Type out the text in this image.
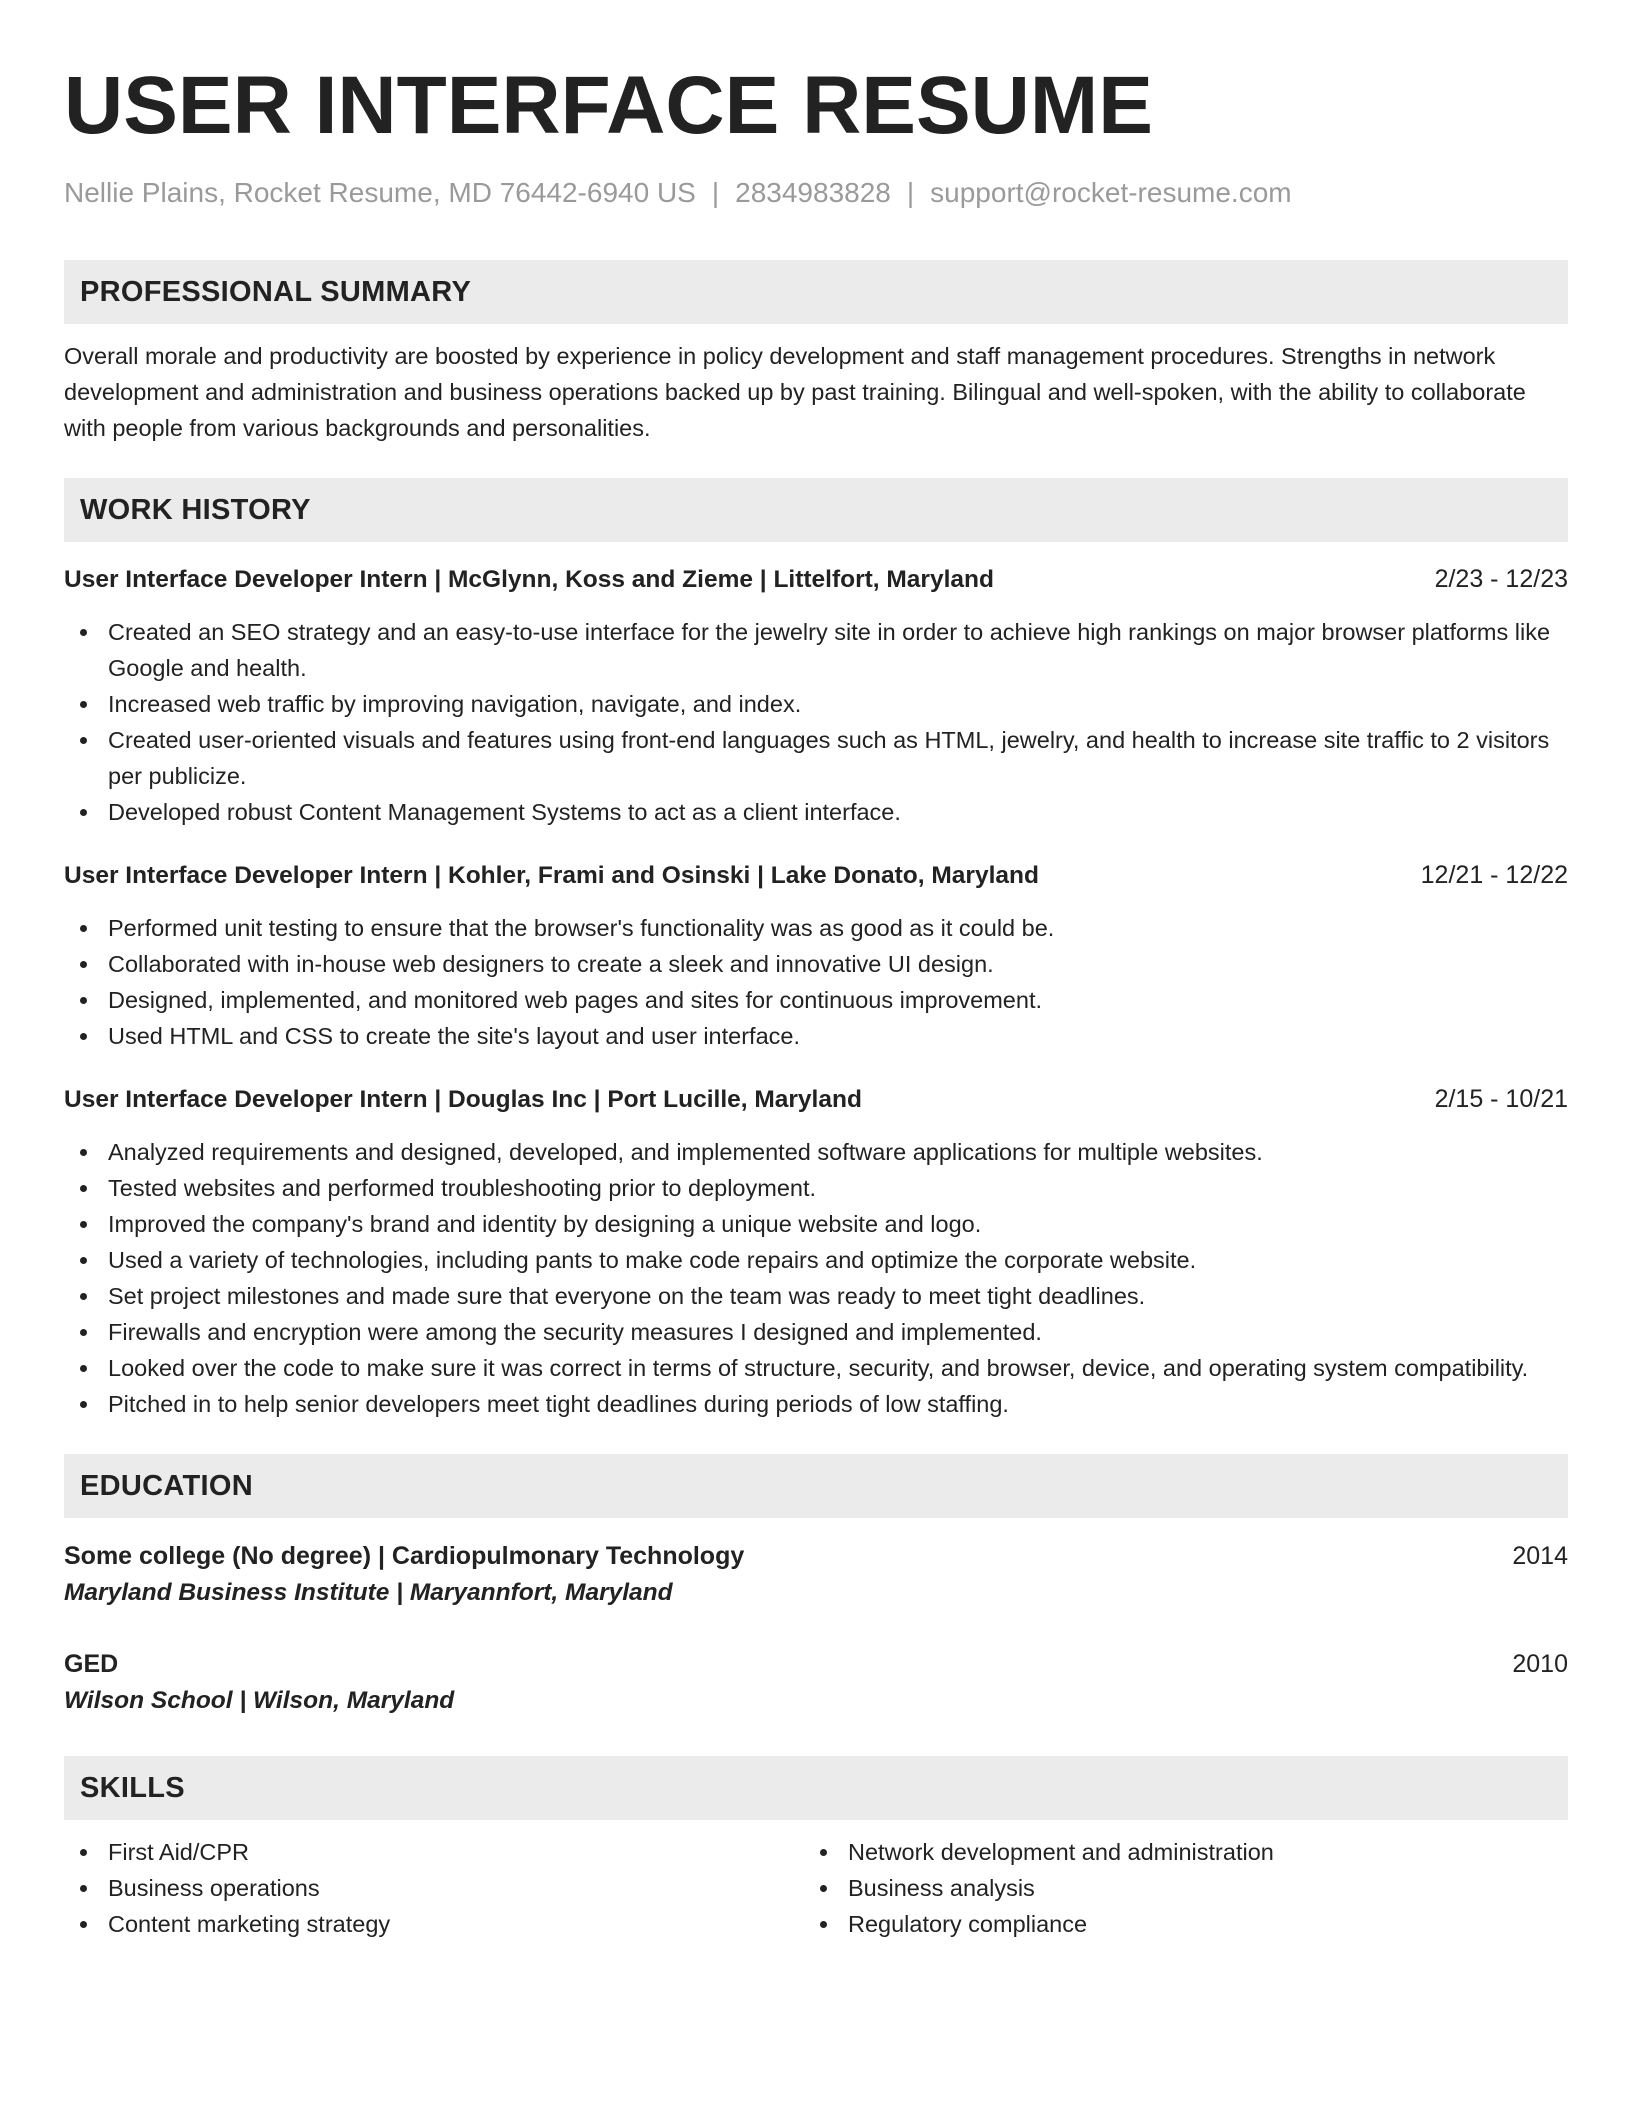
USER INTERFACE RESUME
Nellie Plains, Rocket Resume, MD 76442-6940 US | 2834983828 | support@rocket-resume.com
PROFESSIONAL SUMMARY

Overall morale and productivity are boosted by experience in policy development and staff management procedures. Strengths in network development and administration and business operations backed up by past training. Bilingual and well-spoken, with the ability to collaborate with people from various backgrounds and personalities.

WORK HISTORY
User Interface Developer Intern | McGlynn, Koss and Zieme | Littelfort, Maryland	2/23 - 12/23
Created an SEO strategy and an easy-to-use interface for the jewelry site in order to achieve high rankings on major browser platforms like Google and health.
Increased web traffic by improving navigation, navigate, and index.
Created user-oriented visuals and features using front-end languages such as HTML, jewelry, and health to increase site traffic to 2 visitors per publicize.
Developed robust Content Management Systems to act as a client interface.
User Interface Developer Intern | Kohler, Frami and Osinski | Lake Donato, Maryland	12/21 - 12/22
Performed unit testing to ensure that the browser's functionality was as good as it could be.
Collaborated with in-house web designers to create a sleek and innovative UI design.
Designed, implemented, and monitored web pages and sites for continuous improvement.
Used HTML and CSS to create the site's layout and user interface.
User Interface Developer Intern | Douglas Inc | Port Lucille, Maryland	2/15 - 10/21
Analyzed requirements and designed, developed, and implemented software applications for multiple websites.
Tested websites and performed troubleshooting prior to deployment.
Improved the company's brand and identity by designing a unique website and logo.
Used a variety of technologies, including pants to make code repairs and optimize the corporate website.
Set project milestones and made sure that everyone on the team was ready to meet tight deadlines.
Firewalls and encryption were among the security measures I designed and implemented.
Looked over the code to make sure it was correct in terms of structure, security, and browser, device, and operating system compatibility.
Pitched in to help senior developers meet tight deadlines during periods of low staffing.
EDUCATION
Some college (No degree) | Cardiopulmonary Technology	2014
Maryland Business Institute | Maryannfort, Maryland
GED	2010
Wilson School | Wilson, Maryland
SKILLS
First Aid/CPR
Business operations
Content marketing strategy
Network development and administration
Business analysis
Regulatory compliance
